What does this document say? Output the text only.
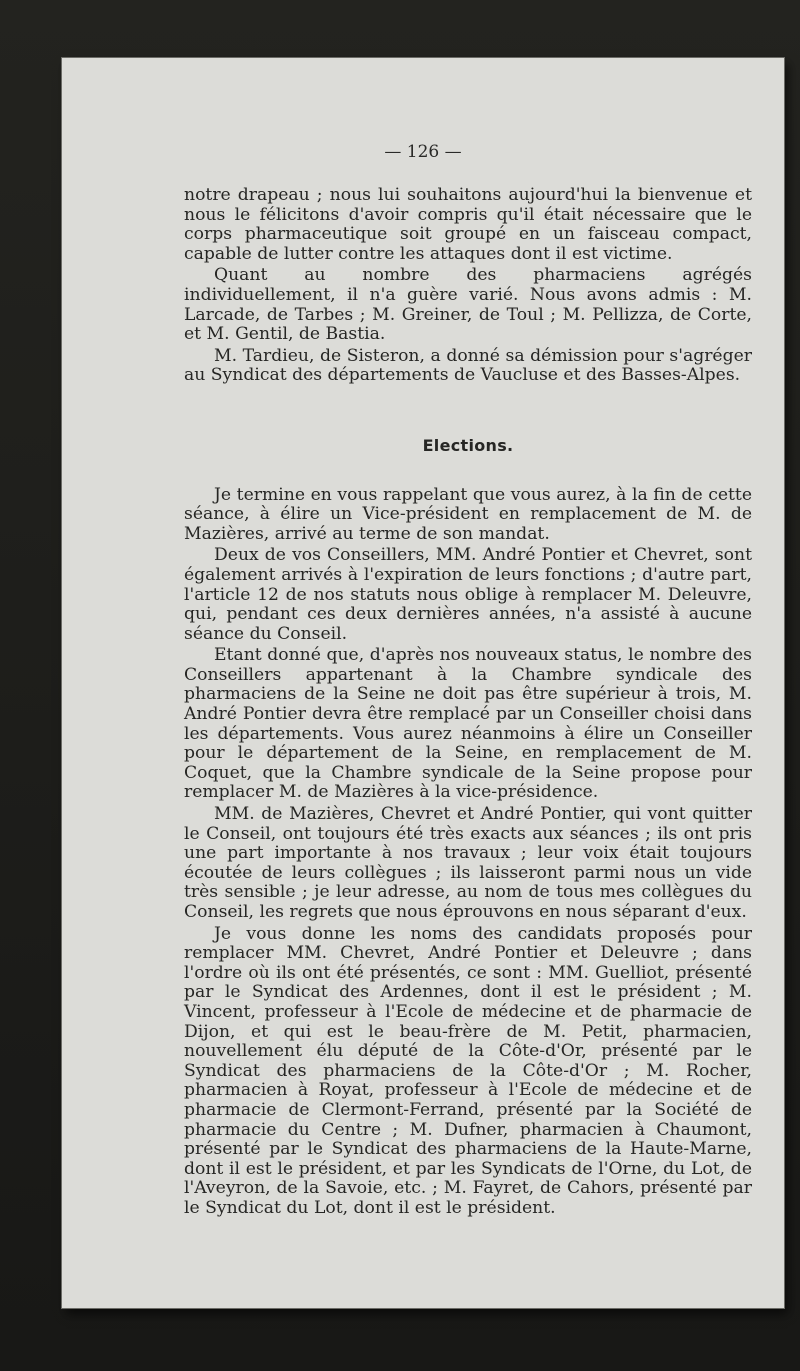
— 126 —

notre drapeau ; nous lui souhaitons aujourd'hui la bienvenue et nous le félicitons d'avoir compris qu'il était nécessaire que le corps pharmaceutique soit groupé en un faisceau compact, capable de lutter contre les attaques dont il est victime.

Quant au nombre des pharmaciens agrégés individuellement, il n'a guère varié. Nous avons admis : M. Larcade, de Tarbes ; M. Greiner, de Toul ; M. Pellizza, de Corte, et M. Gentil, de Bastia.

M. Tardieu, de Sisteron, a donné sa démission pour s'agréger au Syndicat des départements de Vaucluse et des Basses-Alpes.

Elections.

Je termine en vous rappelant que vous aurez, à la fin de cette séance, à élire un Vice-président en remplacement de M. de Mazières, arrivé au terme de son mandat.

Deux de vos Conseillers, MM. André Pontier et Chevret, sont également arrivés à l'expiration de leurs fonctions ; d'autre part, l'article 12 de nos statuts nous oblige à remplacer M. Deleuvre, qui, pendant ces deux dernières années, n'a assisté à aucune séance du Conseil.

Etant donné que, d'après nos nouveaux status, le nombre des Conseillers appartenant à la Chambre syndicale des pharmaciens de la Seine ne doit pas être supérieur à trois, M. André Pontier devra être remplacé par un Conseiller choisi dans les départements. Vous aurez néanmoins à élire un Conseiller pour le département de la Seine, en remplacement de M. Coquet, que la Chambre syndicale de la Seine propose pour remplacer M. de Mazières à la vice-présidence.

MM. de Mazières, Chevret et André Pontier, qui vont quitter le Conseil, ont toujours été très exacts aux séances ; ils ont pris une part importante à nos travaux ; leur voix était toujours écoutée de leurs collègues ; ils laisseront parmi nous un vide très sensible ; je leur adresse, au nom de tous mes collègues du Conseil, les regrets que nous éprouvons en nous séparant d'eux.

Je vous donne les noms des candidats proposés pour remplacer MM. Chevret, André Pontier et Deleuvre ; dans l'ordre où ils ont été présentés, ce sont : MM. Guelliot, présenté par le Syndicat des Ardennes, dont il est le président ; M. Vincent, professeur à l'Ecole de médecine et de pharmacie de Dijon, et qui est le beau-frère de M. Petit, pharmacien, nouvellement élu député de la Côte-d'Or, présenté par le Syndicat des pharmaciens de la Côte-d'Or ; M. Rocher, pharmacien à Royat, professeur à l'Ecole de médecine et de pharmacie de Clermont-Ferrand, présenté par la Société de pharmacie du Centre ; M. Dufner, pharmacien à Chaumont, présenté par le Syndicat des pharmaciens de la Haute-Marne, dont il est le président, et par les Syndicats de l'Orne, du Lot, de l'Aveyron, de la Savoie, etc. ; M. Fayret, de Cahors, présenté par le Syndicat du Lot, dont il est le président.
